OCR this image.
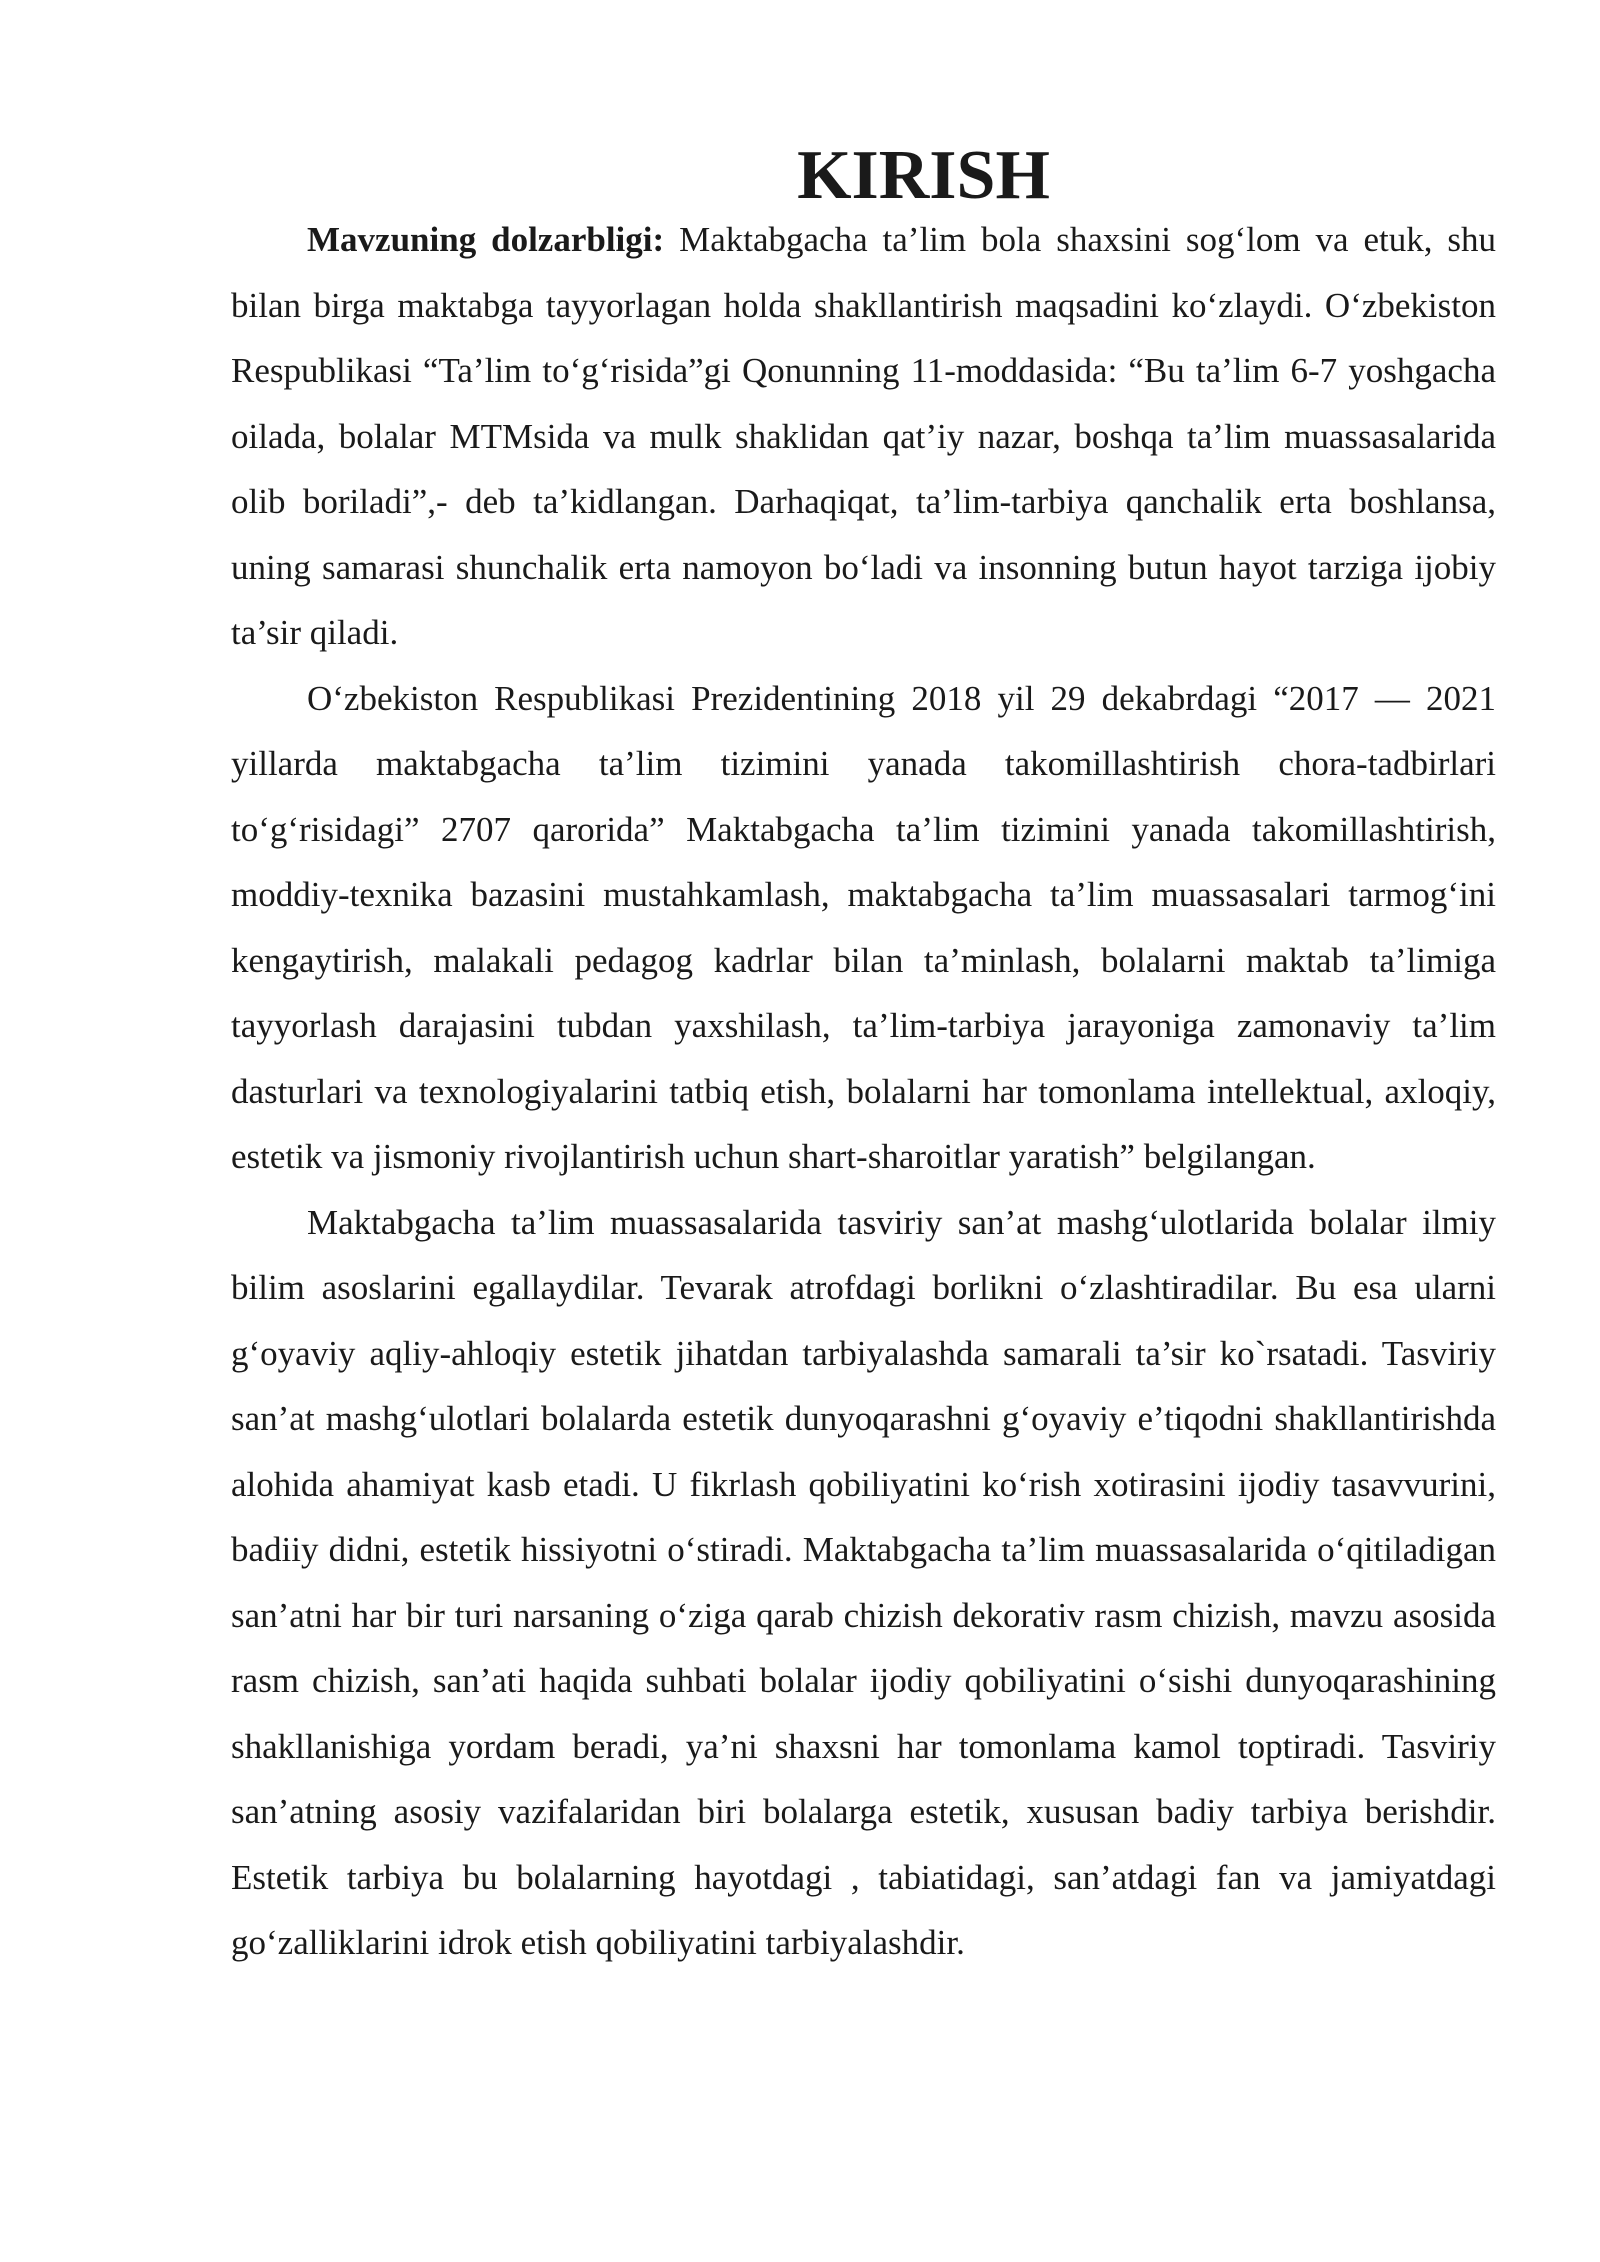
KIRISH

Mavzuning dolzarbligi: Maktabgacha ta’lim bola shaxsini sog‘lom va etuk, shu bilan birga maktabga tayyorlagan holda shakllantirish maqsadini ko‘zlaydi. O‘zbekiston Respublikasi “Ta’lim to‘g‘risida”gi Qonunning 11-moddasida: “Bu ta’lim 6-7 yoshgacha oilada, bolalar MTMsida va mulk shaklidan qat’iy nazar, boshqa ta’lim muassasalarida olib boriladi”,- deb ta’kidlangan. Darhaqiqat, ta’lim-tarbiya qanchalik erta boshlansa, uning samarasi shunchalik erta namoyon bo‘ladi va insonning butun hayot tarziga ijobiy ta’sir qiladi.

O‘zbekiston Respublikasi Prezidentining 2018 yil 29 dekabrdagi “2017 — 2021 yillarda maktabgacha ta’lim tizimini yanada takomillashtirish chora-tadbirlari to‘g‘risidagi” 2707 qarorida” Maktabgacha ta’lim tizimini yanada takomillashtirish, moddiy-texnika bazasini mustahkamlash, maktabgacha ta’lim muassasalari tarmog‘ini kengaytirish, malakali pedagog kadrlar bilan ta’minlash, bolalarni maktab ta’limiga tayyorlash darajasini tubdan yaxshilash, ta’lim-tarbiya jarayoniga zamonaviy ta’lim dasturlari va texnologiyalarini tatbiq etish, bolalarni har tomonlama intellektual, axloqiy, estetik va jismoniy rivojlantirish uchun shart-sharoitlar yaratish” belgilangan.

Maktabgacha ta’lim muassasalarida tasviriy san’at mashg‘ulotlarida bolalar ilmiy bilim asoslarini egallaydilar. Tevarak atrofdagi borlikni o‘zlashtiradilar. Bu esa ularni g‘oyaviy aqliy-ahloqiy estetik jihatdan tarbiyalashda samarali ta’sir ko`rsatadi. Tasviriy san’at mashg‘ulotlari bolalarda estetik dunyoqarashni g‘oyaviy e’tiqodni shakllantirishda alohida ahamiyat kasb etadi. U fikrlash qobiliyatini ko‘rish xotirasini ijodiy tasavvurini, badiiy didni, estetik hissiyotni o‘stiradi. Maktabgacha ta’lim muassasalarida o‘qitiladigan san’atni har bir turi narsaning o‘ziga qarab chizish dekorativ rasm chizish, mavzu asosida rasm chizish, san’ati haqida suhbati bolalar ijodiy qobiliyatini o‘sishi dunyoqarashining shakllanishiga yordam beradi, ya’ni shaxsni har tomonlama kamol toptiradi. Tasviriy san’atning asosiy vazifalaridan biri bolalarga estetik, xususan badiy tarbiya berishdir. Estetik tarbiya bu bolalarning hayotdagi , tabiatidagi, san’atdagi fan va jamiyatdagi go‘zalliklarini idrok etish qobiliyatini tarbiyalashdir.
